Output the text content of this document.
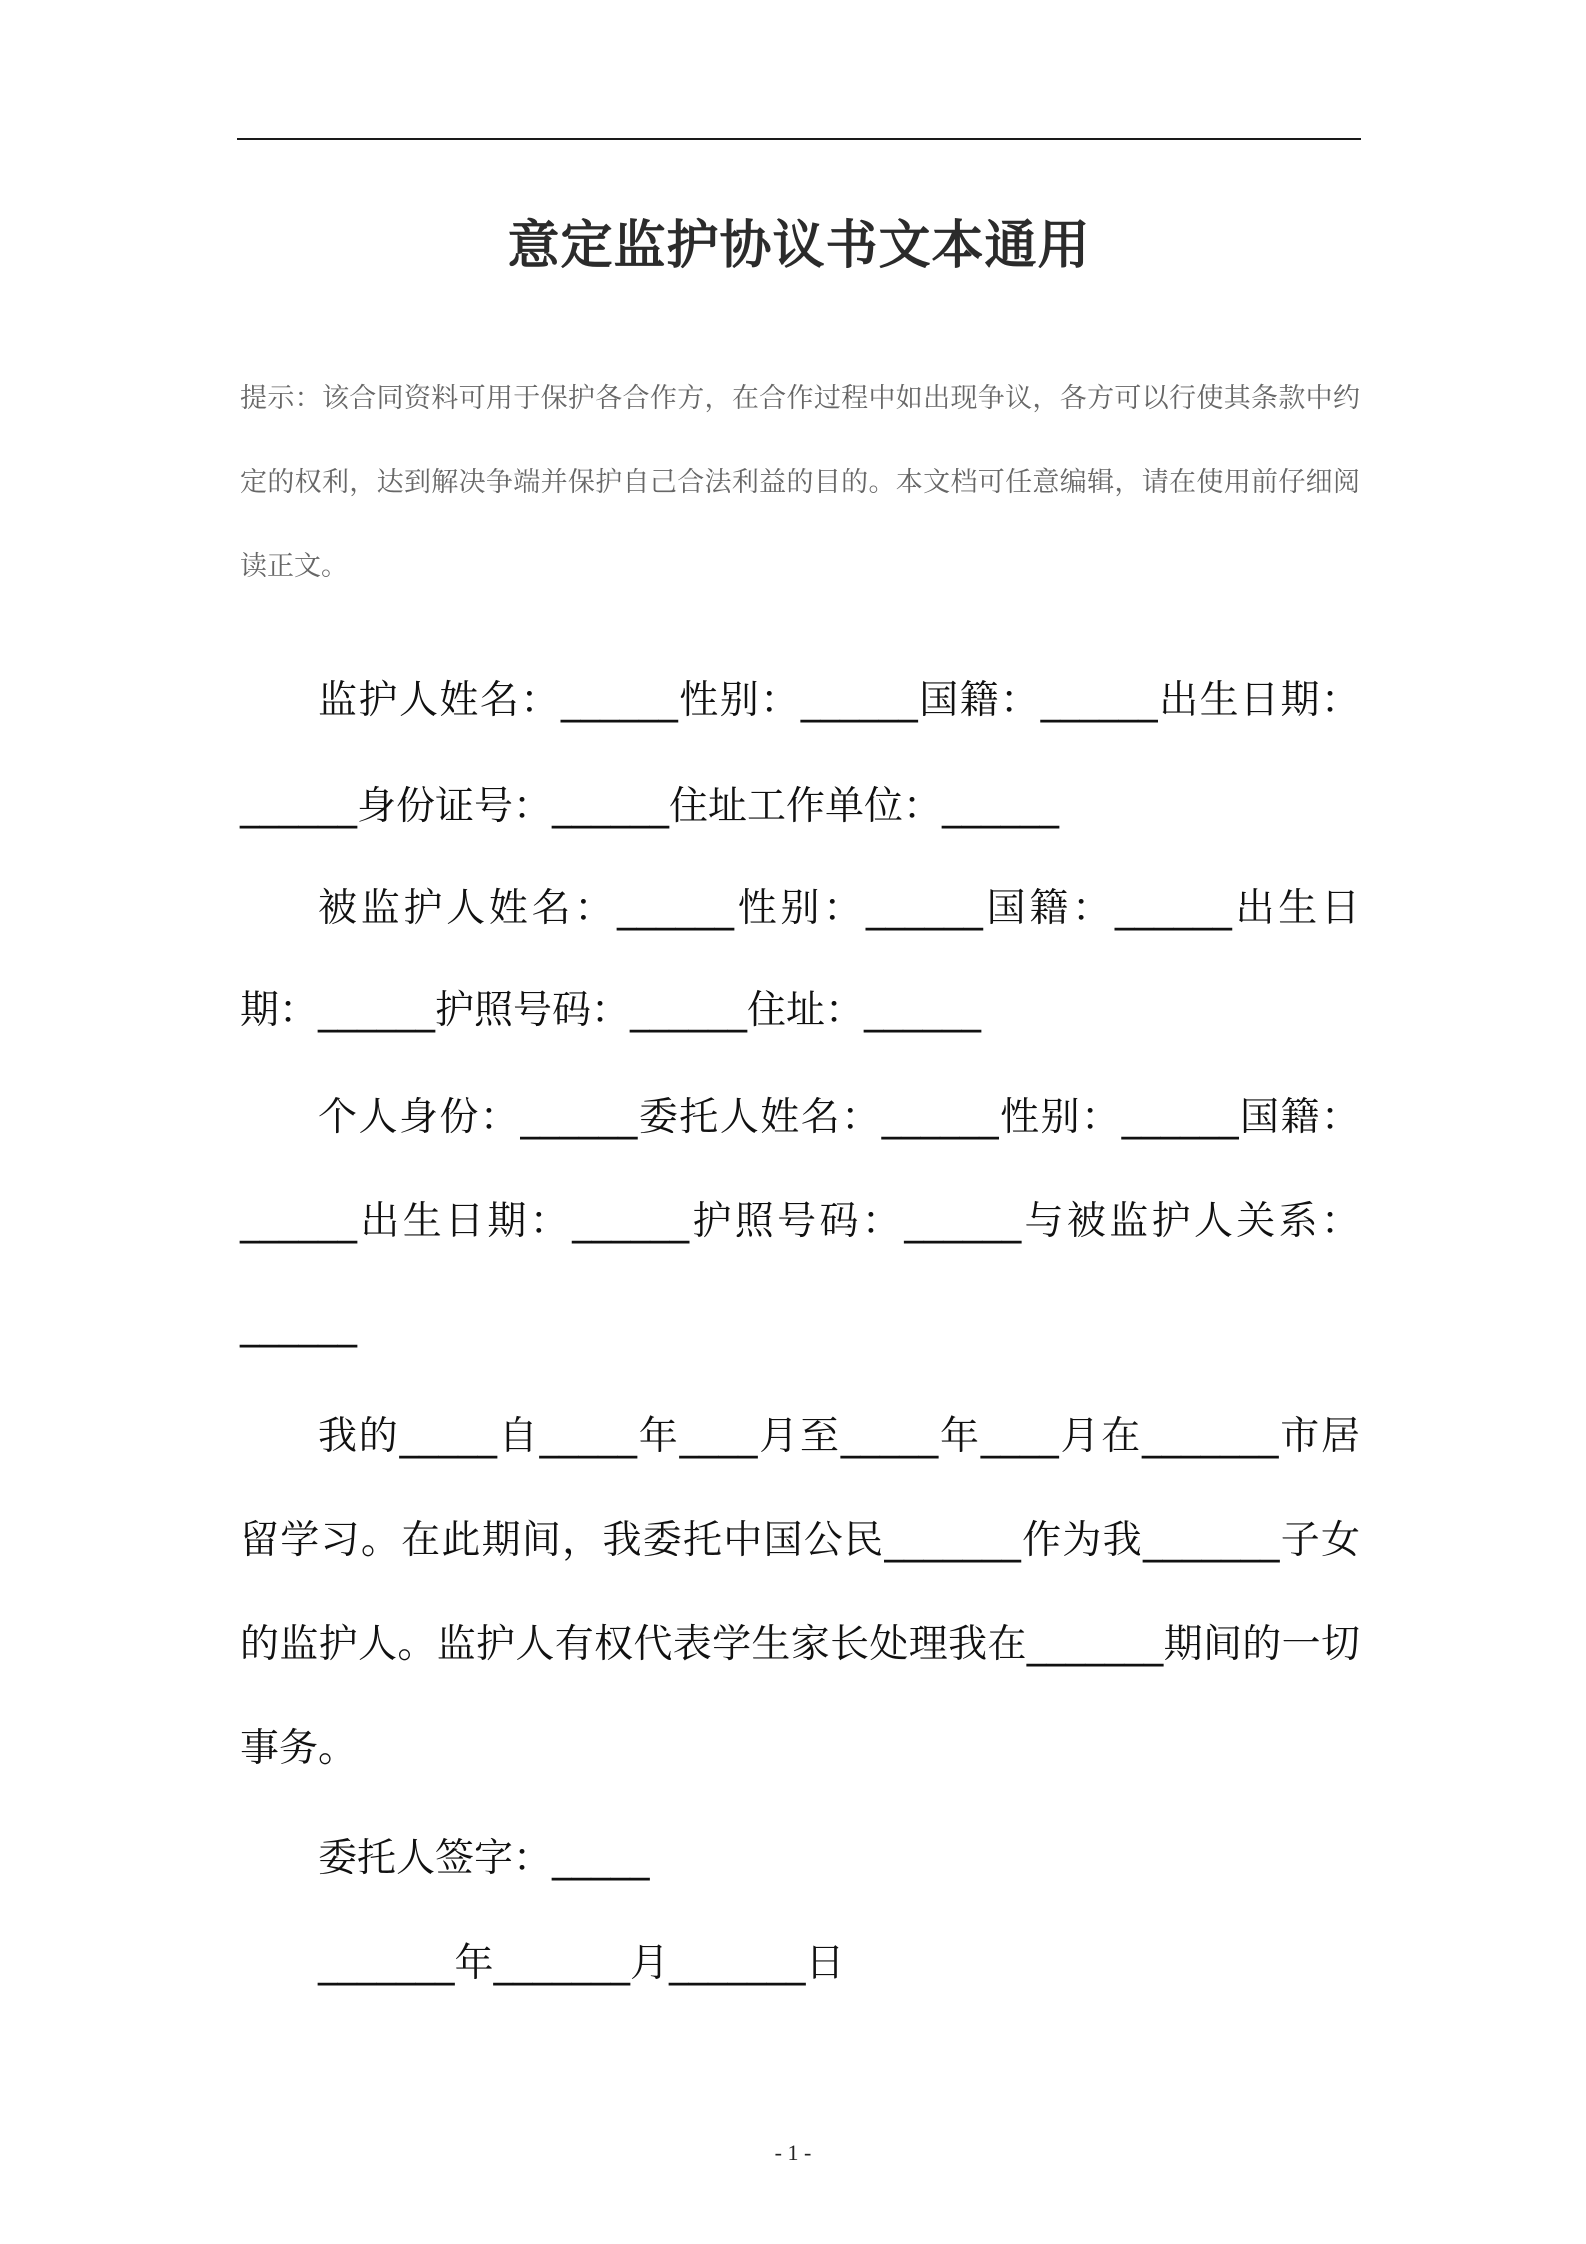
意定监护协议书文本通用
提示：该合同资料可用于保护各合作方，在合作过程中如出现争议，各方可以行使其条款中约定的权利，达到解决争端并保护自己合法利益的目的。本文档可任意编辑，请在使用前仔细阅读正文。

监护人姓名：______性别：______国籍：______出生日期：______身份证号：______住址工作单位：______

被监护人姓名：______性别：______国籍：______出生日期：______护照号码：______住址：______

个人身份：______委托人姓名：______性别：______国籍：______出生日期：______护照号码：______与被监护人关系：______

我的_____自_____年____月至_____年____月在_______市居留学习。在此期间，我委托中国公民_______作为我_______子女的监护人。监护人有权代表学生家长处理我在_______期间的一切事务。

委托人签字：_____

_______年_______月_______日

- 1 -
